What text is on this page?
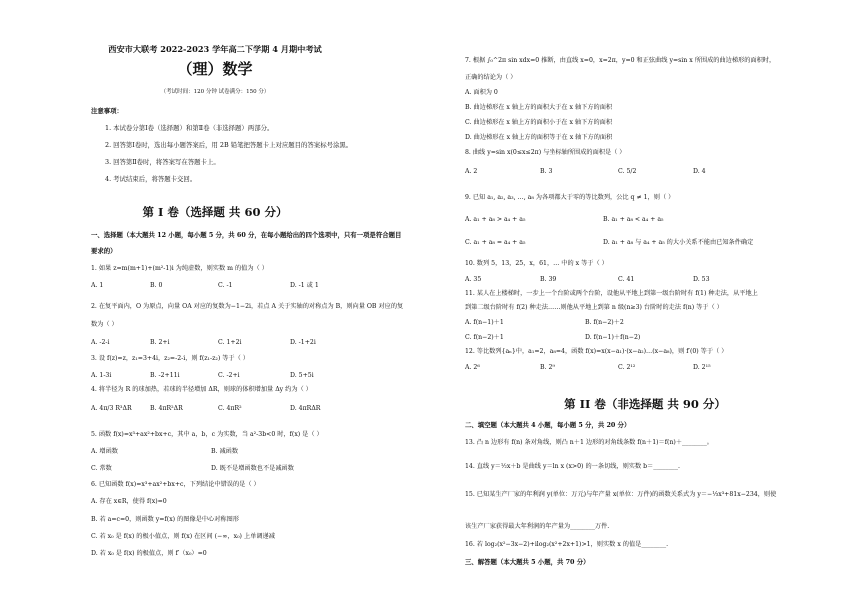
西安市大联考 2022-2023 学年高二下学期 4 月期中考试
（理）数学
（考试时间：120 分钟 试卷满分：150 分）
注意事项：
1. 本试卷分第Ⅰ卷（选择题）和第Ⅱ卷（非选择题）两部分。
2. 回答第Ⅰ卷时，选出每小题答案后，用 2B 铅笔把答题卡上对应题目的答案标号涂黑。
3. 回答第Ⅱ卷时，将答案写在答题卡上。
4. 考试结束后，将答题卡交回。
第 I 卷（选择题 共 60 分）
一、选择题（本大题共 12 小题，每小题 5 分，共 60 分，在每小题给出的四个选项中，只有一项是符合题目
要求的）
1. 如果 z=m(m+1)+(m²-1)i 为纯虚数，则实数 m 的值为（ ）
A. 1	B. 0	C. -1	D. -1 或 1
2. 在复平面内，O 为原点，向量 OA 对应的复数为−1−2i，若点 A 关于实轴的对称点为 B，则向量 OB 对应的复
数为（ ）
A. -2-i	B. 2+i	C. 1+2i	D. -1+2i
3. 设 f(z)=z，z₁=3+4i，z₂=-2-i，则 f(z₁-z₂) 等于（ ）
A. 1-3i	B. -2+11i	C. -2+i	D. 5+5i
4. 将半径为 R 的球加热，若球的半径增加 ΔR，则球的体积增加量 Δy 约为（ ）
A. 4π/3 R³ΔR	B. 4πR²ΔR	C. 4πR²	D. 4πRΔR
5. 函数 f(x)=x³+ax²+bx+c，其中 a，b，c 为实数，当 a²-3b<0 时，f(x) 是（ ）
A. 增函数	B. 减函数
C. 常数	D. 既不是增函数也不是减函数
6. 已知函数 f(x)=x³+ax²+bx+c，下列结论中错误的是（ ）
A. 存在 x∈R，使得 f(x)=0
B. 若 a=c=0，则函数 y=f(x) 的图像是中心对称图形
C. 若 x₀ 是 f(x) 的极小值点，则 f(x) 在区间 (−∞，x₀) 上单调递减
D. 若 x₀ 是 f(x) 的极值点，则 f′（x₀）=0
7. 根据 ∫₀^2π sin xdx=0 推断，由直线 x=0，x=2π，y=0 和正弦曲线 y=sin x 所围成的曲边梯形的面积时，
正确的结论为（ ）
A. 面积为 0
B. 曲边梯形在 x 轴上方的面积大于在 x 轴下方的面积
C. 曲边梯形在 x 轴上方的面积小于在 x 轴下方的面积
D. 曲边梯形在 x 轴上方的面积等于在 x 轴下方的面积
8. 曲线 y=sin x(0≤x≤2π) 与坐标轴所围成的面积是（ ）
A. 2	B. 3	C. 5/2	D. 4
9. 已知 a₁, a₂, a₃, …, a₈ 为各项都大于零的等比数列，公比 q ≠ 1，则（ ）
A. a₁ + a₈ > a₄ + a₅	B. a₁ + a₈ < a₄ + a₅
C. a₁ + a₈ = a₄ + a₅	D. a₁ + a₈ 与 a₄ + a₅ 的大小关系不能由已知条件确定
10. 数列 5，13，25，x，61，… 中的 x 等于（ ）
A. 35	B. 39	C. 41	D. 53
11. 某人在上楼梯时，一步上一个台阶或两个台阶，设他从平地上到第一级台阶时有 f(1) 种走法，从平地上
到第二级台阶时有 f(2) 种走法……则他从平地上到第 n 级(n≥3) 台阶时的走法 f(n) 等于（ ）
A. f(n−1)＋1	B. f(n−2)＋2
C. f(n−2)＋1	D. f(n−1)＋f(n−2)
12. 等比数列{aₙ}中，a₁=2，a₈=4，函数 f(x)=x(x−a₁)·(x−a₂)…(x−a₈)，则 f′(0) 等于（ ）
A. 2⁶	B. 2⁹	C. 2¹²	D. 2¹⁵
第 II 卷（非选择题 共 90 分）
二、填空题（本大题共 4 小题，每小题 5 分，共 20 分）
13. 凸 n 边形有 f(n) 条对角线，则凸 n＋1 边形的对角线条数 f(n＋1)＝f(n)＋________。
14. 直线 y＝½x＋b 是曲线 y＝ln x (x>0) 的一条切线，则实数 b＝________.
15. 已知某生产厂家的年利润 y(单位：万元)与年产量 x(单位：万件)的函数关系式为 y＝−⅓x³+81x−234，则使
该生产厂家获得最大年利润的年产量为________万件.
16. 若 log₂(x²−3x−2)+ilog₂(x²+2x+1)>1，则实数 x 的值是________.
三、解答题（本大题共 5 小题，共 70 分）
